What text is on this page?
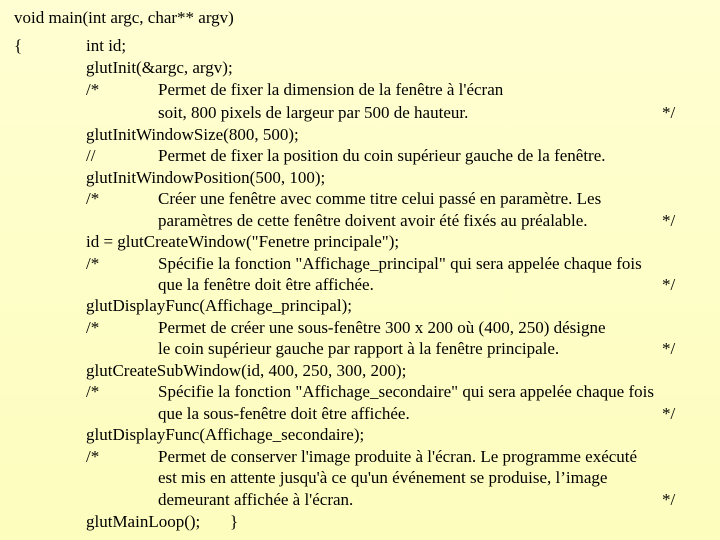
void main(int argc, char** argv)
{	int id;
glutInit(&argc, argv);
/*	Permet de fixer la dimension de la fenêtre à l'écran
soit, 800 pixels de largeur par 500 de hauteur.	*/
glutInitWindowSize(800, 500);
//	Permet de fixer la position du coin supérieur gauche de la fenêtre.
glutInitWindowPosition(500, 100);
/*	Créer une fenêtre avec comme titre celui passé en paramètre. Les
paramètres de cette fenêtre doivent avoir été fixés au préalable.	*/
id = glutCreateWindow("Fenetre principale");
/*	Spécifie la fonction "Affichage_principal" qui sera appelée chaque fois
que la fenêtre doit être affichée.	*/
glutDisplayFunc(Affichage_principal);
/*	Permet de créer une sous-fenêtre 300 x 200 où (400, 250) désigne
le coin supérieur gauche par rapport à la fenêtre principale.	*/
glutCreateSubWindow(id, 400, 250, 300, 200);
/*	Spécifie la fonction "Affichage_secondaire" qui sera appelée chaque fois
que la sous-fenêtre doit être affichée.	*/
glutDisplayFunc(Affichage_secondaire);
/*	Permet de conserver l'image produite à l'écran. Le programme exécuté
est mis en attente jusqu'à ce qu'un événement se produise, l’image
demeurant affichée à l'écran.	*/
glutMainLoop(); }
